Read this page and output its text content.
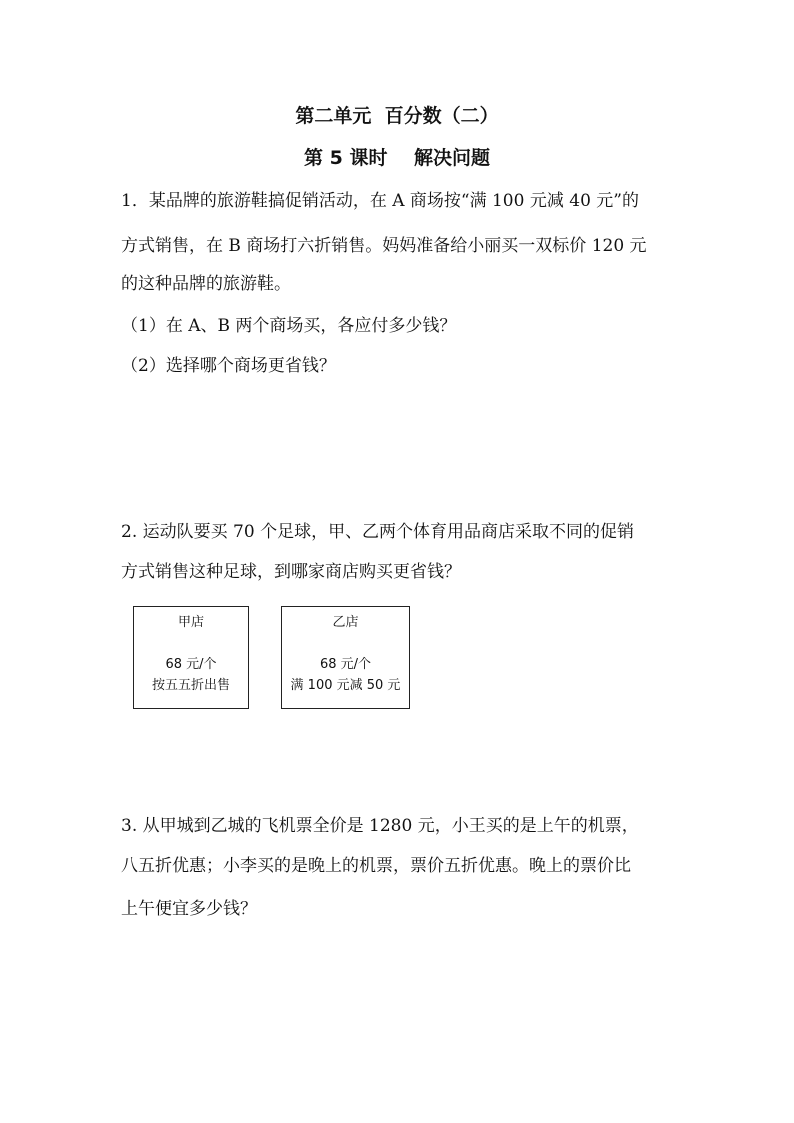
第二单元  百分数（二）
第 5 课时    解决问题
1．某品牌的旅游鞋搞促销活动，在 A 商场按“满 100 元减 40 元”的
方式销售，在 B 商场打六折销售。妈妈准备给小丽买一双标价 120 元
的这种品牌的旅游鞋。
（1）在 A、B 两个商场买，各应付多少钱？
（2）选择哪个商场更省钱？
2. 运动队要买 70 个足球，甲、乙两个体育用品商店采取不同的促销
方式销售这种足球，到哪家商店购买更省钱？
甲店
68 元/个
按五五折出售
乙店
68 元/个
满 100 元减 50 元
3. 从甲城到乙城的飞机票全价是 1280 元，小王买的是上午的机票，
八五折优惠；小李买的是晚上的机票，票价五折优惠。晚上的票价比
上午便宜多少钱？
